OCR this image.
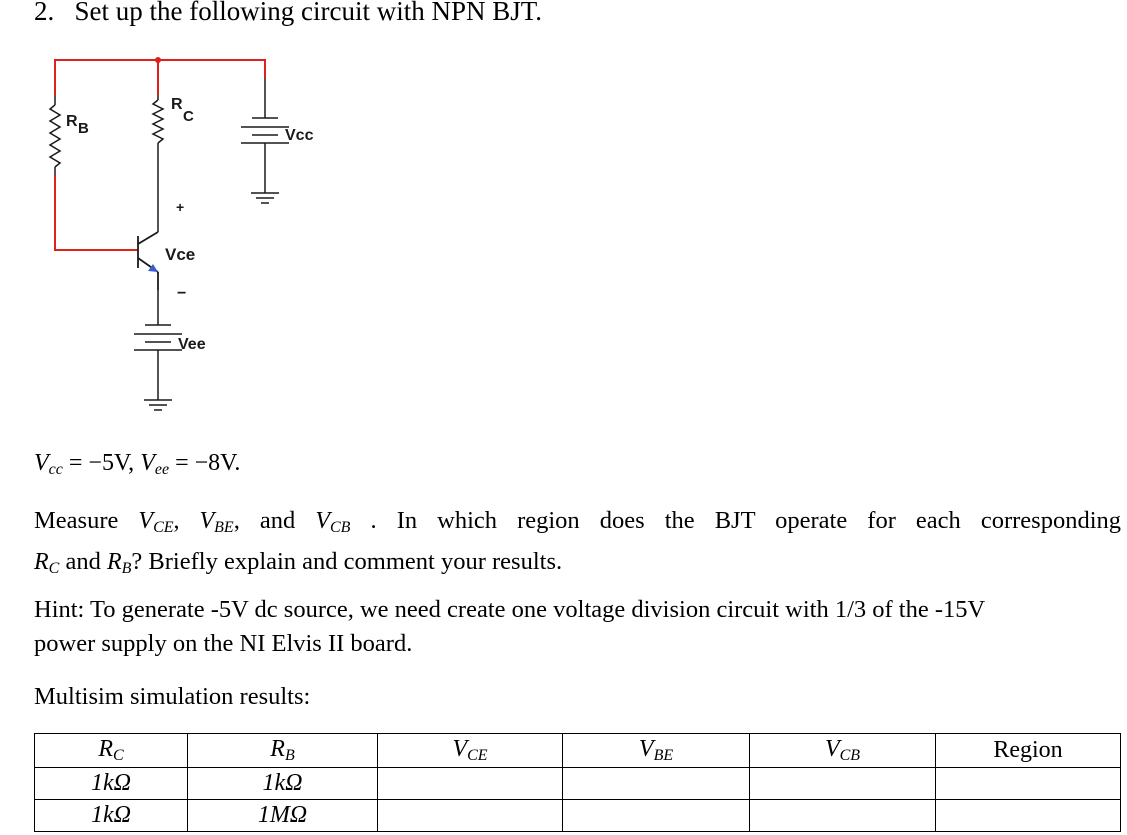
2. Set up the following circuit with NPN BJT.
R B
R
C
Vcc
+
Vce
−
Vee
$V_{cc} = -5V$, $V_{ee} = -8V$.
Measure $V_{CE}$, $V_{BE}$, and $V_{CB}$ . In which region does the BJT operate for each corresponding
$R_C$ and $R_B$? Briefly explain and comment your results.
Hint: To generate -5V dc source, we need create one voltage division circuit with 1/3 of the -15V
power supply on the NI Elvis II board.
Multisim simulation results:
$R_C$	$R_B$	$V_{CE}$	$V_{BE}$	$V_{CB}$	Region
1kΩ	1kΩ				
1kΩ	1MΩ				
